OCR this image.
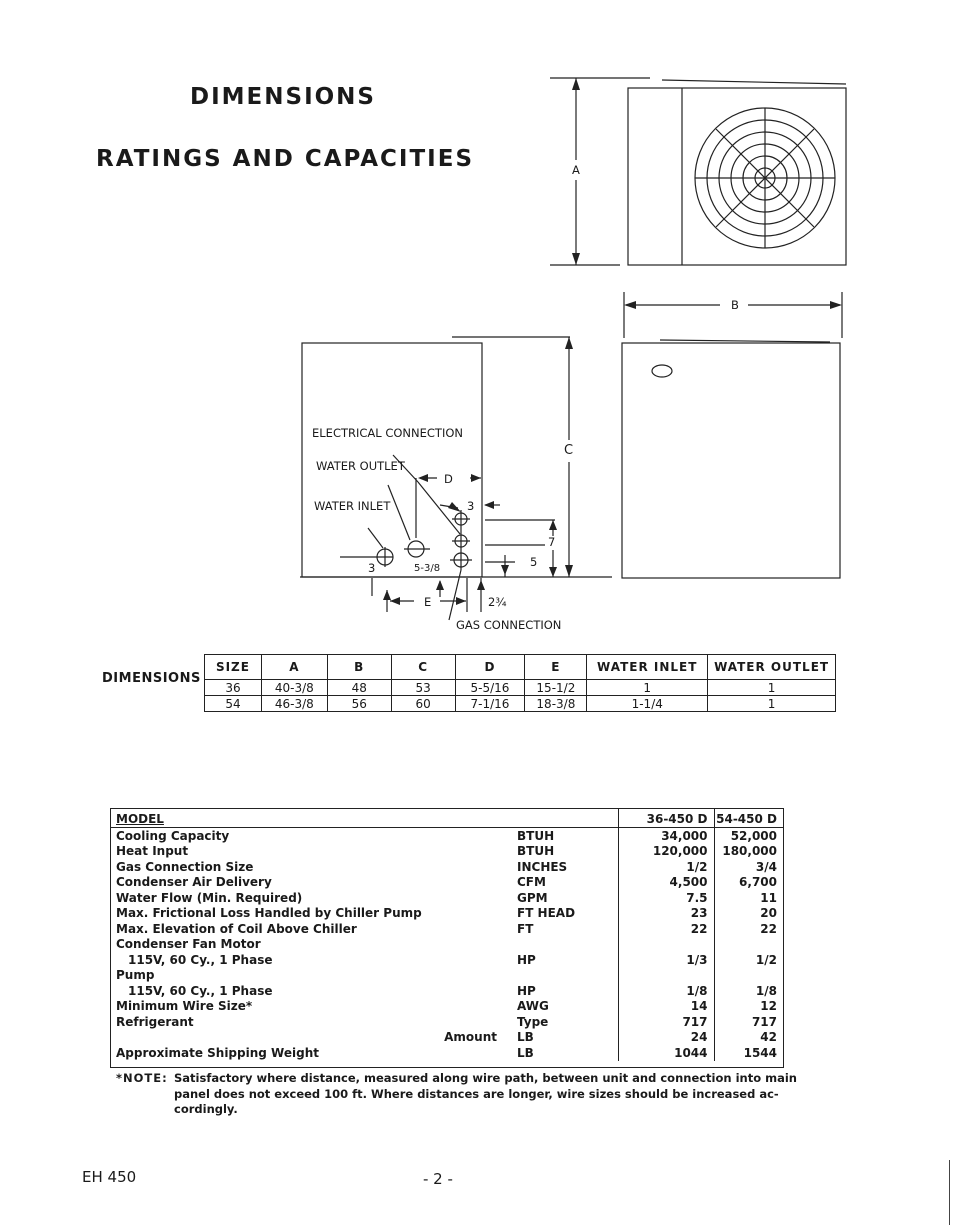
DIMENSIONS
RATINGS AND CAPACITIES	A
B
C
ELECTRICAL CONNECTION
WATER OUTLET
WATER INLET
D
3
7
5
3	5-3/8
E	2¾
GAS CONNECTION
DIMENSIONS
SIZE	A	B	C	D	E	WATER INLET	WATER OUTLET
36	40-3/8	48	53	5-5/16	15-1/2	1	1
54	46-3/8	56	60	7-1/16	18-3/8	1-1/4	1
MODEL		36-450 D	54-450 D
Cooling Capacity	BTUH	34,000	52,000
Heat Input	BTUH	120,000	180,000
Gas Connection Size	INCHES	1/2	3/4
Condenser Air Delivery	CFM	4,500	6,700
Water Flow (Min. Required)	GPM	7.5	11
Max. Frictional Loss Handled by Chiller Pump	FT HEAD	23	20
Max. Elevation of Coil Above Chiller	FT	22	22
Condenser Fan Motor			
115V, 60 Cy., 1 Phase	HP	1/3	1/2
Pump			
115V, 60 Cy., 1 Phase	HP	1/8	1/8
Minimum Wire Size*	AWG	14	12
Refrigerant	Type	717	717
Amount	LB	24	42
Approximate Shipping Weight	LB	1044	1544
*NOTE: Satisfactory where distance, measured along wire path, between unit and connection into main
panel does not exceed 100 ft. Where distances are longer, wire sizes should be increased ac-
cordingly.
EH 450	- 2 -
